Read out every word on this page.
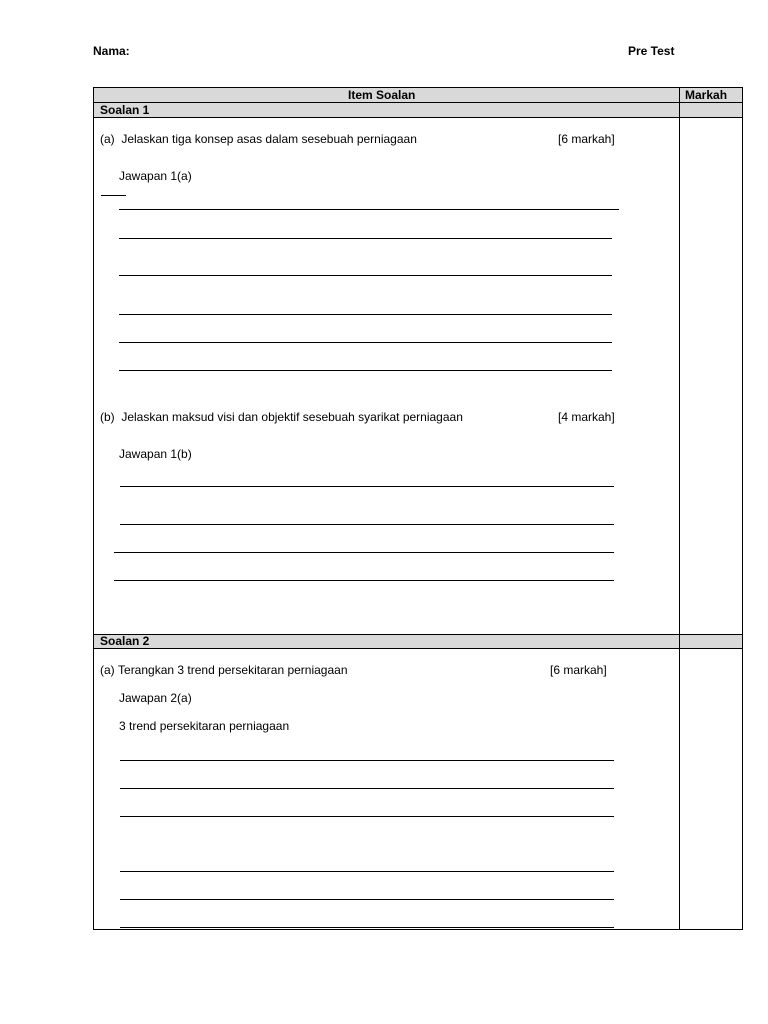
Nama:	Pre Test
Item Soalan	Markah
Soalan 1
(a) Jelaskan tiga konsep asas dalam sesebuah perniagaan	[6 markah]
Jawapan 1(a)
(b) Jelaskan maksud visi dan objektif sesebuah syarikat perniagaan	[4 markah]
Jawapan 1(b)
Soalan 2
(a) Terangkan 3 trend persekitaran perniagaan	[6 markah]
Jawapan 2(a)
3 trend persekitaran perniagaan
